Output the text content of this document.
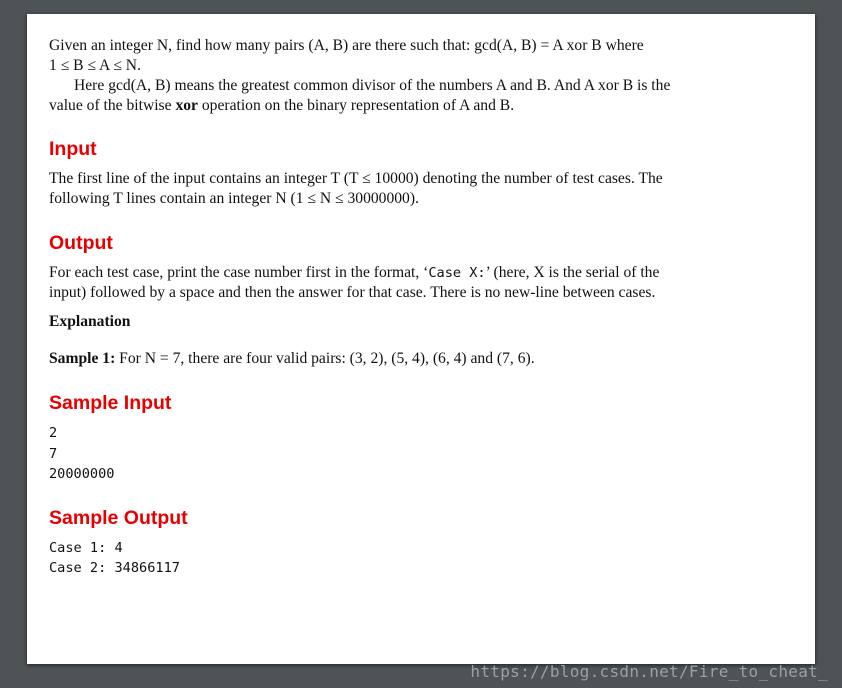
Given an integer N, find how many pairs (A, B) are there such that: gcd(A, B) = A xor B where
1 ≤ B ≤ A ≤ N.

Here gcd(A, B) means the greatest common divisor of the numbers A and B. And A xor B is the
value of the bitwise xor operation on the binary representation of A and B.

Input

The first line of the input contains an integer T (T ≤ 10000) denoting the number of test cases. The
following T lines contain an integer N (1 ≤ N ≤ 30000000).

Output

For each test case, print the case number first in the format, ‘Case X:’ (here, X is the serial of the
input) followed by a space and then the answer for that case. There is no new-line between cases.

Explanation

Sample 1: For N = 7, there are four valid pairs: (3, 2), (5, 4), (6, 4) and (7, 6).

Sample Input
2
7
20000000
Sample Output
Case 1: 4
Case 2: 34866117
https://blog.csdn.net/Fire_to_cheat_
